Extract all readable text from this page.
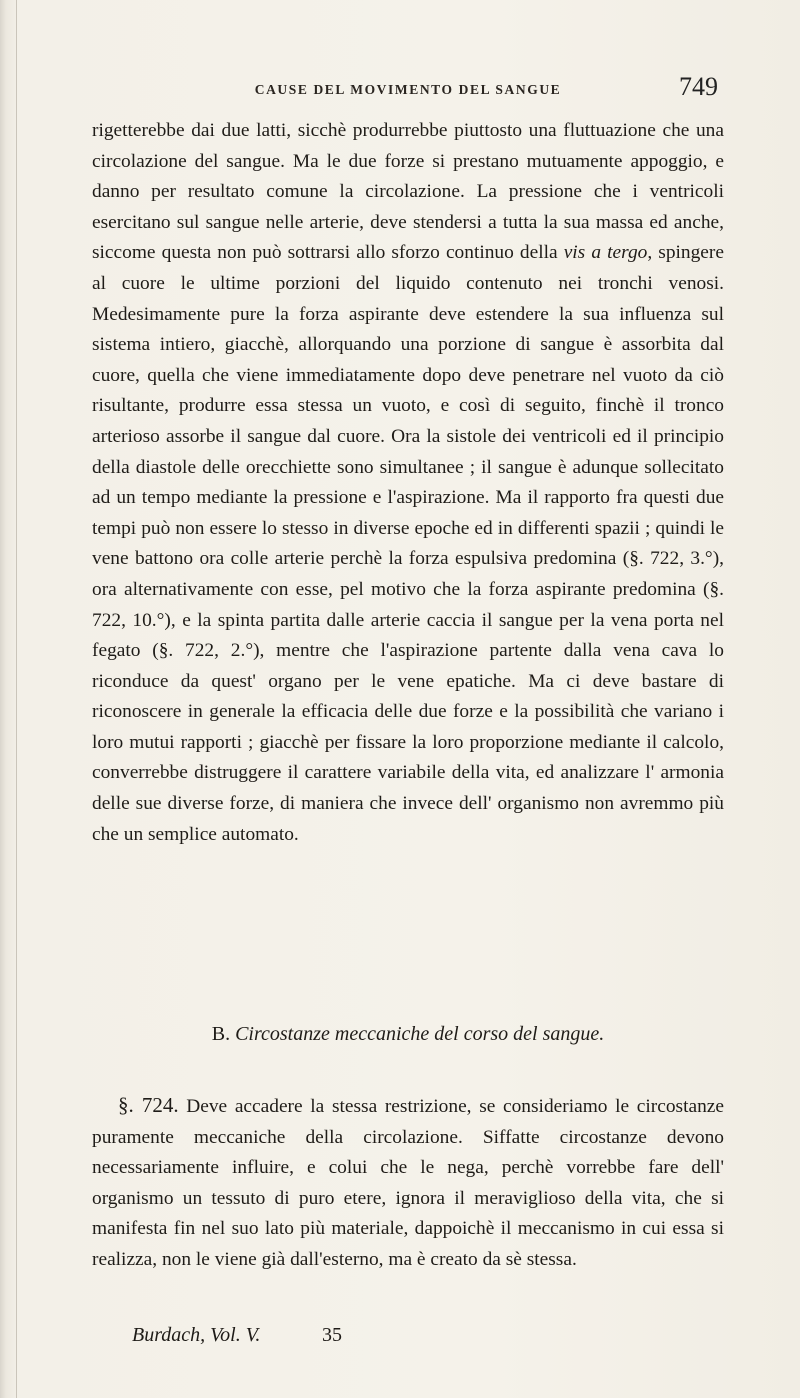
CAUSE DEL MOVIMENTO DEL SANGUE	749

rigetterebbe dai due latti, sicchè produrrebbe piuttosto una fluttuazione che una circolazione del sangue. Ma le due forze si prestano mutuamente appoggio, e danno per resultato comune la circolazione. La pressione che i ventricoli esercitano sul sangue nelle arterie, deve stendersi a tutta la sua massa ed anche, siccome questa non può sottrarsi allo sforzo continuo della vis a tergo, spingere al cuore le ultime porzioni del liquido contenuto nei tronchi venosi. Medesimamente pure la forza aspirante deve estendere la sua influenza sul sistema intiero, giacchè, allorquando una porzione di sangue è assorbita dal cuore, quella che viene immediatamente dopo deve penetrare nel vuoto da ciò risultante, produrre essa stessa un vuoto, e così di seguito, finchè il tronco arterioso assorbe il sangue dal cuore. Ora la sistole dei ventricoli ed il principio della diastole delle orecchiette sono simultanee ; il sangue è adunque sollecitato ad un tempo mediante la pressione e l'aspirazione. Ma il rapporto fra questi due tempi può non essere lo stesso in diverse epoche ed in differenti spazii ; quindi le vene battono ora colle arterie perchè la forza espulsiva predomina (§. 722, 3.°), ora alternativamente con esse, pel motivo che la forza aspirante predomina (§. 722, 10.°), e la spinta partita dalle arterie caccia il sangue per la vena porta nel fegato (§. 722, 2.°), mentre che l'aspirazione partente dalla vena cava lo riconduce da quest' organo per le vene epatiche. Ma ci deve bastare di riconoscere in generale la efficacia delle due forze e la possibilità che variano i loro mutui rapporti ; giacchè per fissare la loro proporzione mediante il calcolo, converrebbe distruggere il carattere variabile della vita, ed analizzare l' armonia delle sue diverse forze, di maniera che invece dell' organismo non avremmo più che un semplice automato.

B. Circostanze meccaniche del corso del sangue.

§. 724. Deve accadere la stessa restrizione, se consideriamo le circostanze puramente meccaniche della circolazione. Siffatte circostanze devono necessariamente influire, e colui che le nega, perchè vorrebbe fare dell' organismo un tessuto di puro etere, ignora il meraviglioso della vita, che si manifesta fin nel suo lato più materiale, dappoichè il meccanismo in cui essa si realizza, non le viene già dall'esterno, ma è creato da sè stessa.

Burdach, Vol. V.	35
